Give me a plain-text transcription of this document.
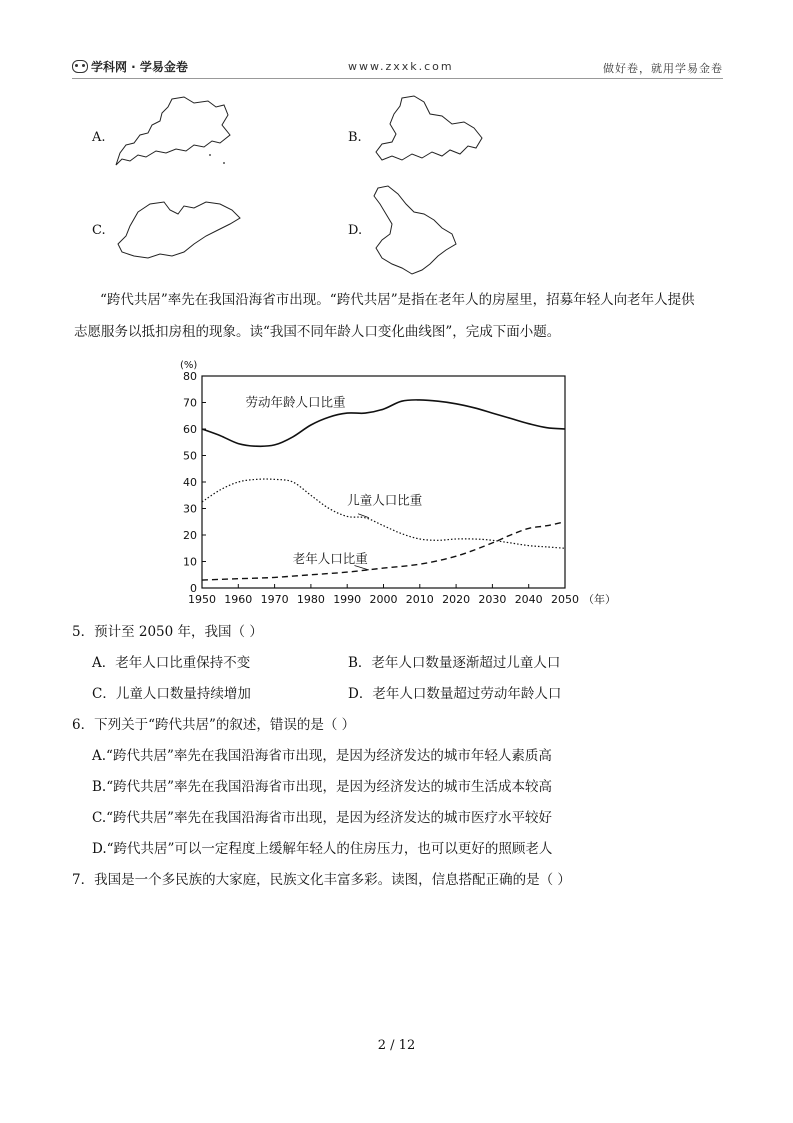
学科网 · 学易金卷	www.zxxk.com	做好卷，就用学易金卷
A.	B.
C.	D.
“跨代共居”率先在我国沿海省市出现。“跨代共居”是指在老年人的房屋里，招募年轻人向老年人提供
志愿服务以抵扣房租的现象。读“我国不同年龄人口变化曲线图”，完成下面小题。
0
10
20
30
40
50
60
70
80
1950 1960 1970 1980 1990 2000 2010 2020 2030 2040 2050
(%)
（年）
劳动年龄人口比重
儿童人口比重
老年人口比重
5．预计至 2050 年，我国（ ）
A．老年人口比重保持不变	B．老年人口数量逐渐超过儿童人口
C．儿童人口数量持续增加	D．老年人口数量超过劳动年龄人口
6．下列关于“跨代共居”的叙述，错误的是（ ）
A.“跨代共居”率先在我国沿海省市出现，是因为经济发达的城市年轻人素质高
B.“跨代共居”率先在我国沿海省市出现，是因为经济发达的城市生活成本较高
C.“跨代共居”率先在我国沿海省市出现，是因为经济发达的城市医疗水平较好
D.“跨代共居”可以一定程度上缓解年轻人的住房压力，也可以更好的照顾老人
7．我国是一个多民族的大家庭，民族文化丰富多彩。读图，信息搭配正确的是（ ）
2 / 12
